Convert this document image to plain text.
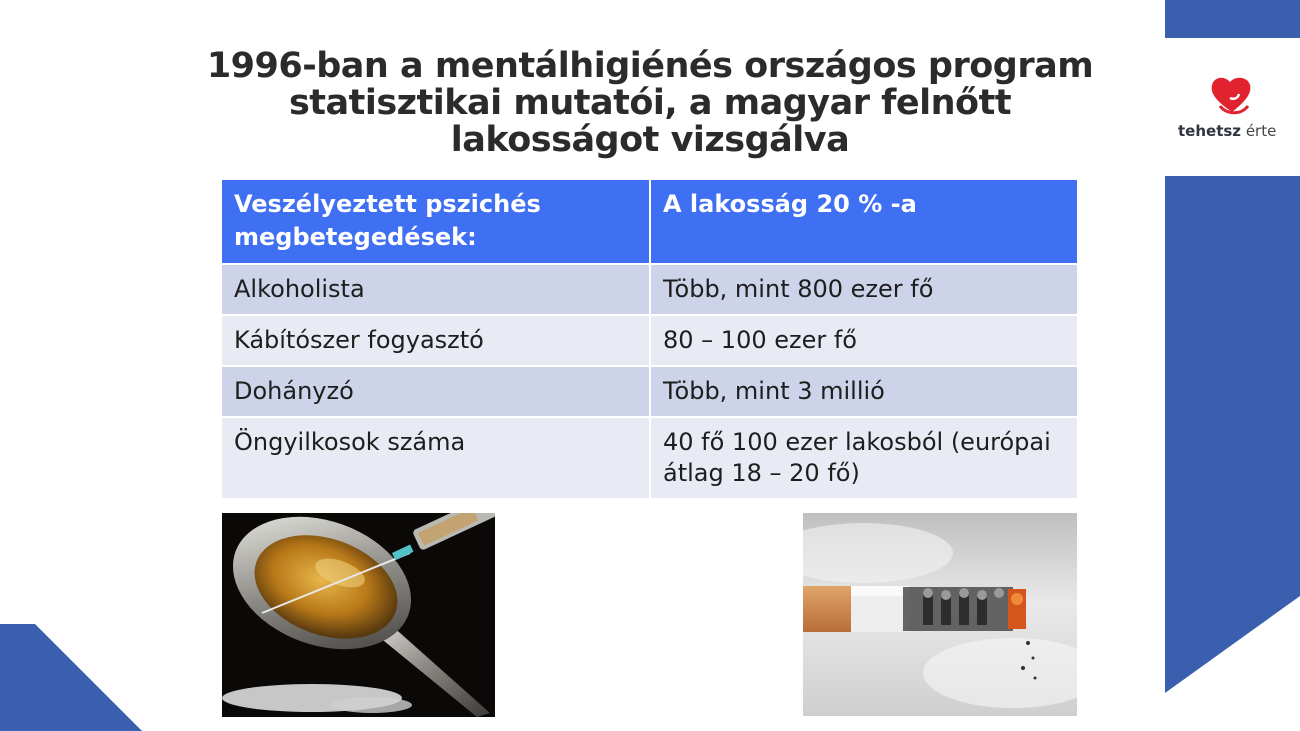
tehetsz érte
1996-ban a mentálhigiénés országos program statisztikai mutatói, a magyar felnőtt lakosságot vizsgálva
Veszélyeztett pszichés megbetegedések:	A lakosság 20 % -a
Alkoholista	Több, mint 800 ezer fő
Kábítószer fogyasztó	80 – 100 ezer fő
Dohányzó	Több, mint 3 millió
Öngyilkosok száma	40 fő 100 ezer lakosból (európai átlag 18 – 20 fő)
